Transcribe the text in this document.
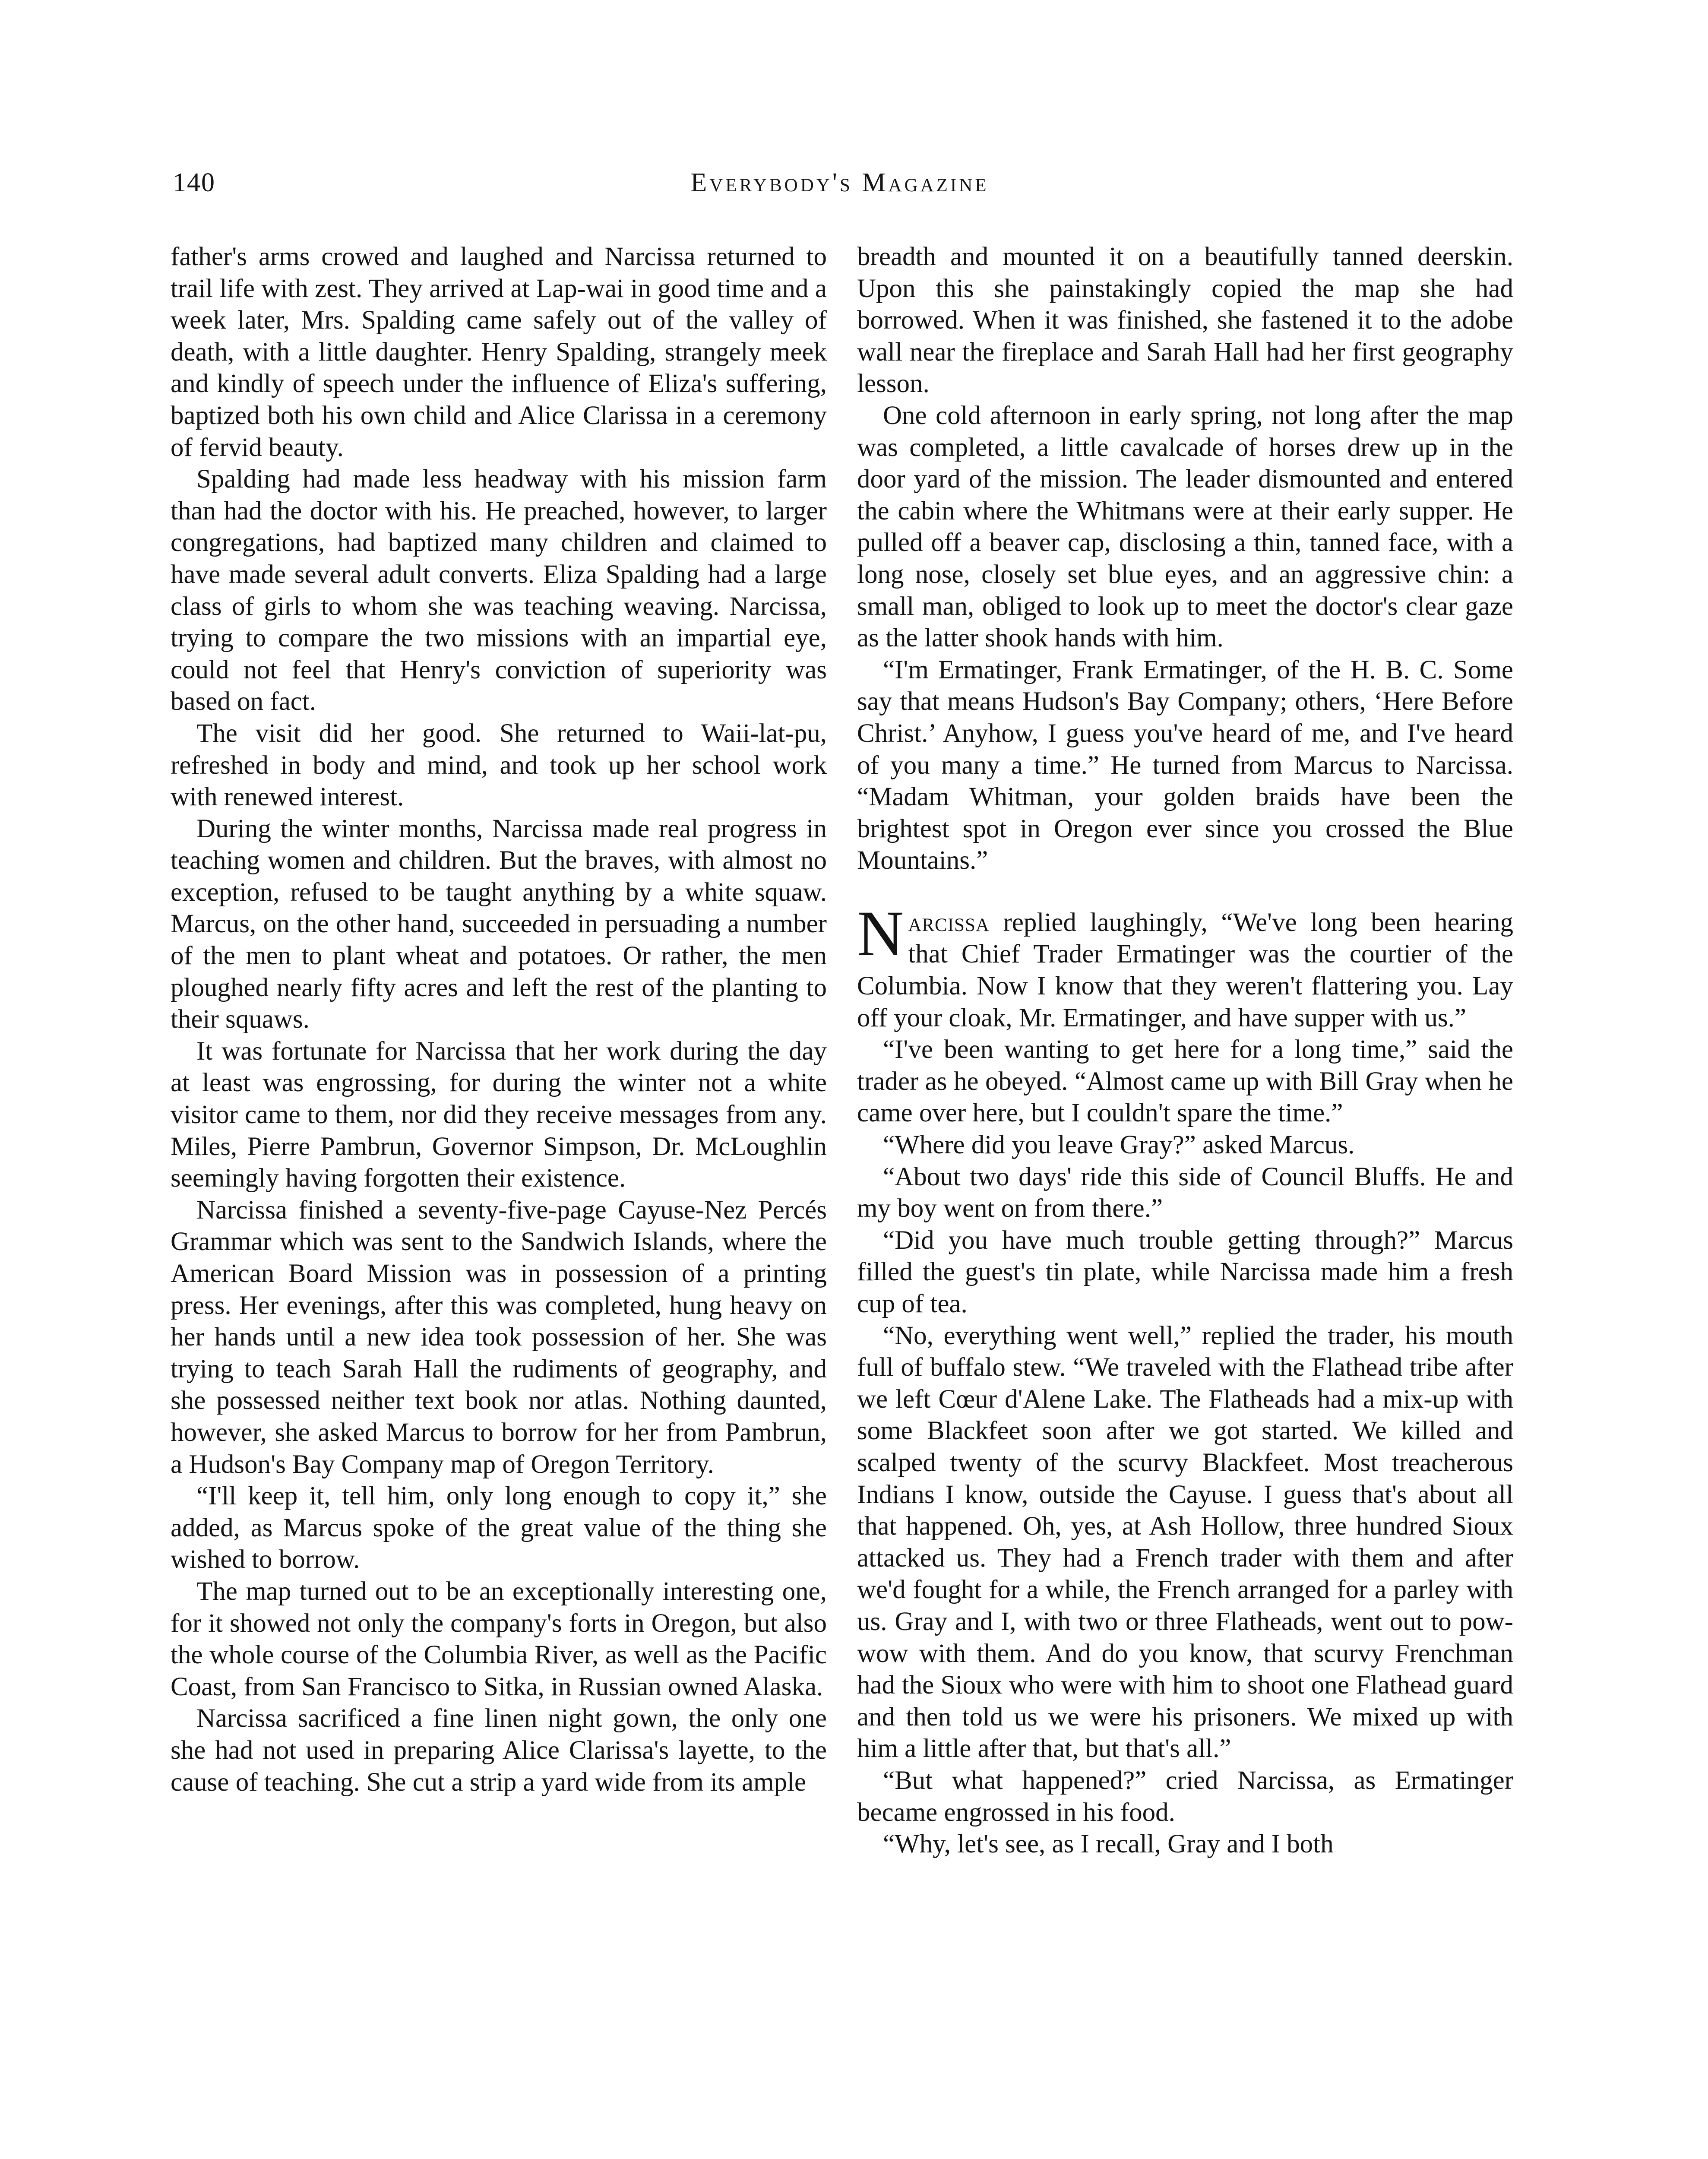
140	Everybody's Magazine

father's arms crowed and laughed and Narcissa returned to trail life with zest. They arrived at Lap-wai in good time and a week later, Mrs. Spalding came safely out of the valley of death, with a little daughter. Henry Spalding, strangely meek and kindly of speech under the influence of Eliza's suffering, baptized both his own child and Alice Clarissa in a ceremony of fervid beauty.

Spalding had made less headway with his mission farm than had the doctor with his. He preached, however, to larger congregations, had baptized many children and claimed to have made several adult converts. Eliza Spalding had a large class of girls to whom she was teaching weaving. Narcissa, trying to compare the two missions with an impartial eye, could not feel that Henry's conviction of superiority was based on fact.

The visit did her good. She returned to Waii-lat-pu, refreshed in body and mind, and took up her school work with renewed interest.

During the winter months, Narcissa made real progress in teaching women and children. But the braves, with almost no exception, refused to be taught anything by a white squaw. Marcus, on the other hand, succeeded in persuading a number of the men to plant wheat and potatoes. Or rather, the men ploughed nearly fifty acres and left the rest of the planting to their squaws.

It was fortunate for Narcissa that her work during the day at least was engrossing, for during the winter not a white visitor came to them, nor did they receive messages from any. Miles, Pierre Pambrun, Governor Simpson, Dr. McLoughlin seemingly having forgotten their existence.

Narcissa finished a seventy-five-page Cayuse-Nez Percés Grammar which was sent to the Sandwich Islands, where the American Board Mission was in possession of a printing press. Her evenings, after this was completed, hung heavy on her hands until a new idea took possession of her. She was trying to teach Sarah Hall the rudiments of geography, and she possessed neither text book nor atlas. Nothing daunted, however, she asked Marcus to borrow for her from Pambrun, a Hudson's Bay Company map of Oregon Territory.

“I'll keep it, tell him, only long enough to copy it,” she added, as Marcus spoke of the great value of the thing she wished to borrow.

The map turned out to be an exceptionally interesting one, for it showed not only the company's forts in Oregon, but also the whole course of the Columbia River, as well as the Pacific Coast, from San Francisco to Sitka, in Russian owned Alaska.

Narcissa sacrificed a fine linen night gown, the only one she had not used in preparing Alice Clarissa's layette, to the cause of teaching. She cut a strip a yard wide from its ample

breadth and mounted it on a beautifully tanned deerskin. Upon this she painstakingly copied the map she had borrowed. When it was finished, she fastened it to the adobe wall near the fireplace and Sarah Hall had her first geography lesson.

One cold afternoon in early spring, not long after the map was completed, a little cavalcade of horses drew up in the door yard of the mission. The leader dismounted and entered the cabin where the Whitmans were at their early supper. He pulled off a beaver cap, disclosing a thin, tanned face, with a long nose, closely set blue eyes, and an aggressive chin: a small man, obliged to look up to meet the doctor's clear gaze as the latter shook hands with him.

“I'm Ermatinger, Frank Ermatinger, of the H. B. C. Some say that means Hudson's Bay Company; others, ‘Here Before Christ.’ Anyhow, I guess you've heard of me, and I've heard of you many a time.” He turned from Marcus to Narcissa. “Madam Whitman, your golden braids have been the brightest spot in Oregon ever since you crossed the Blue Mountains.”

Narcissa replied laughingly, “We've long been hearing that Chief Trader Ermatinger was the courtier of the Columbia. Now I know that they weren't flattering you. Lay off your cloak, Mr. Ermatinger, and have supper with us.”

“I've been wanting to get here for a long time,” said the trader as he obeyed. “Almost came up with Bill Gray when he came over here, but I couldn't spare the time.”

“Where did you leave Gray?” asked Marcus.

“About two days' ride this side of Council Bluffs. He and my boy went on from there.”

“Did you have much trouble getting through?” Marcus filled the guest's tin plate, while Narcissa made him a fresh cup of tea.

“No, everything went well,” replied the trader, his mouth full of buffalo stew. “We traveled with the Flathead tribe after we left Cœur d'Alene Lake. The Flatheads had a mix-up with some Blackfeet soon after we got started. We killed and scalped twenty of the scurvy Blackfeet. Most treacherous Indians I know, outside the Cayuse. I guess that's about all that happened. Oh, yes, at Ash Hollow, three hundred Sioux attacked us. They had a French trader with them and after we'd fought for a while, the French arranged for a parley with us. Gray and I, with two or three Flatheads, went out to pow-wow with them. And do you know, that scurvy Frenchman had the Sioux who were with him to shoot one Flathead guard and then told us we were his prisoners. We mixed up with him a little after that, but that's all.”

“But what happened?” cried Narcissa, as Ermatinger became engrossed in his food.

“Why, let's see, as I recall, Gray and I both
